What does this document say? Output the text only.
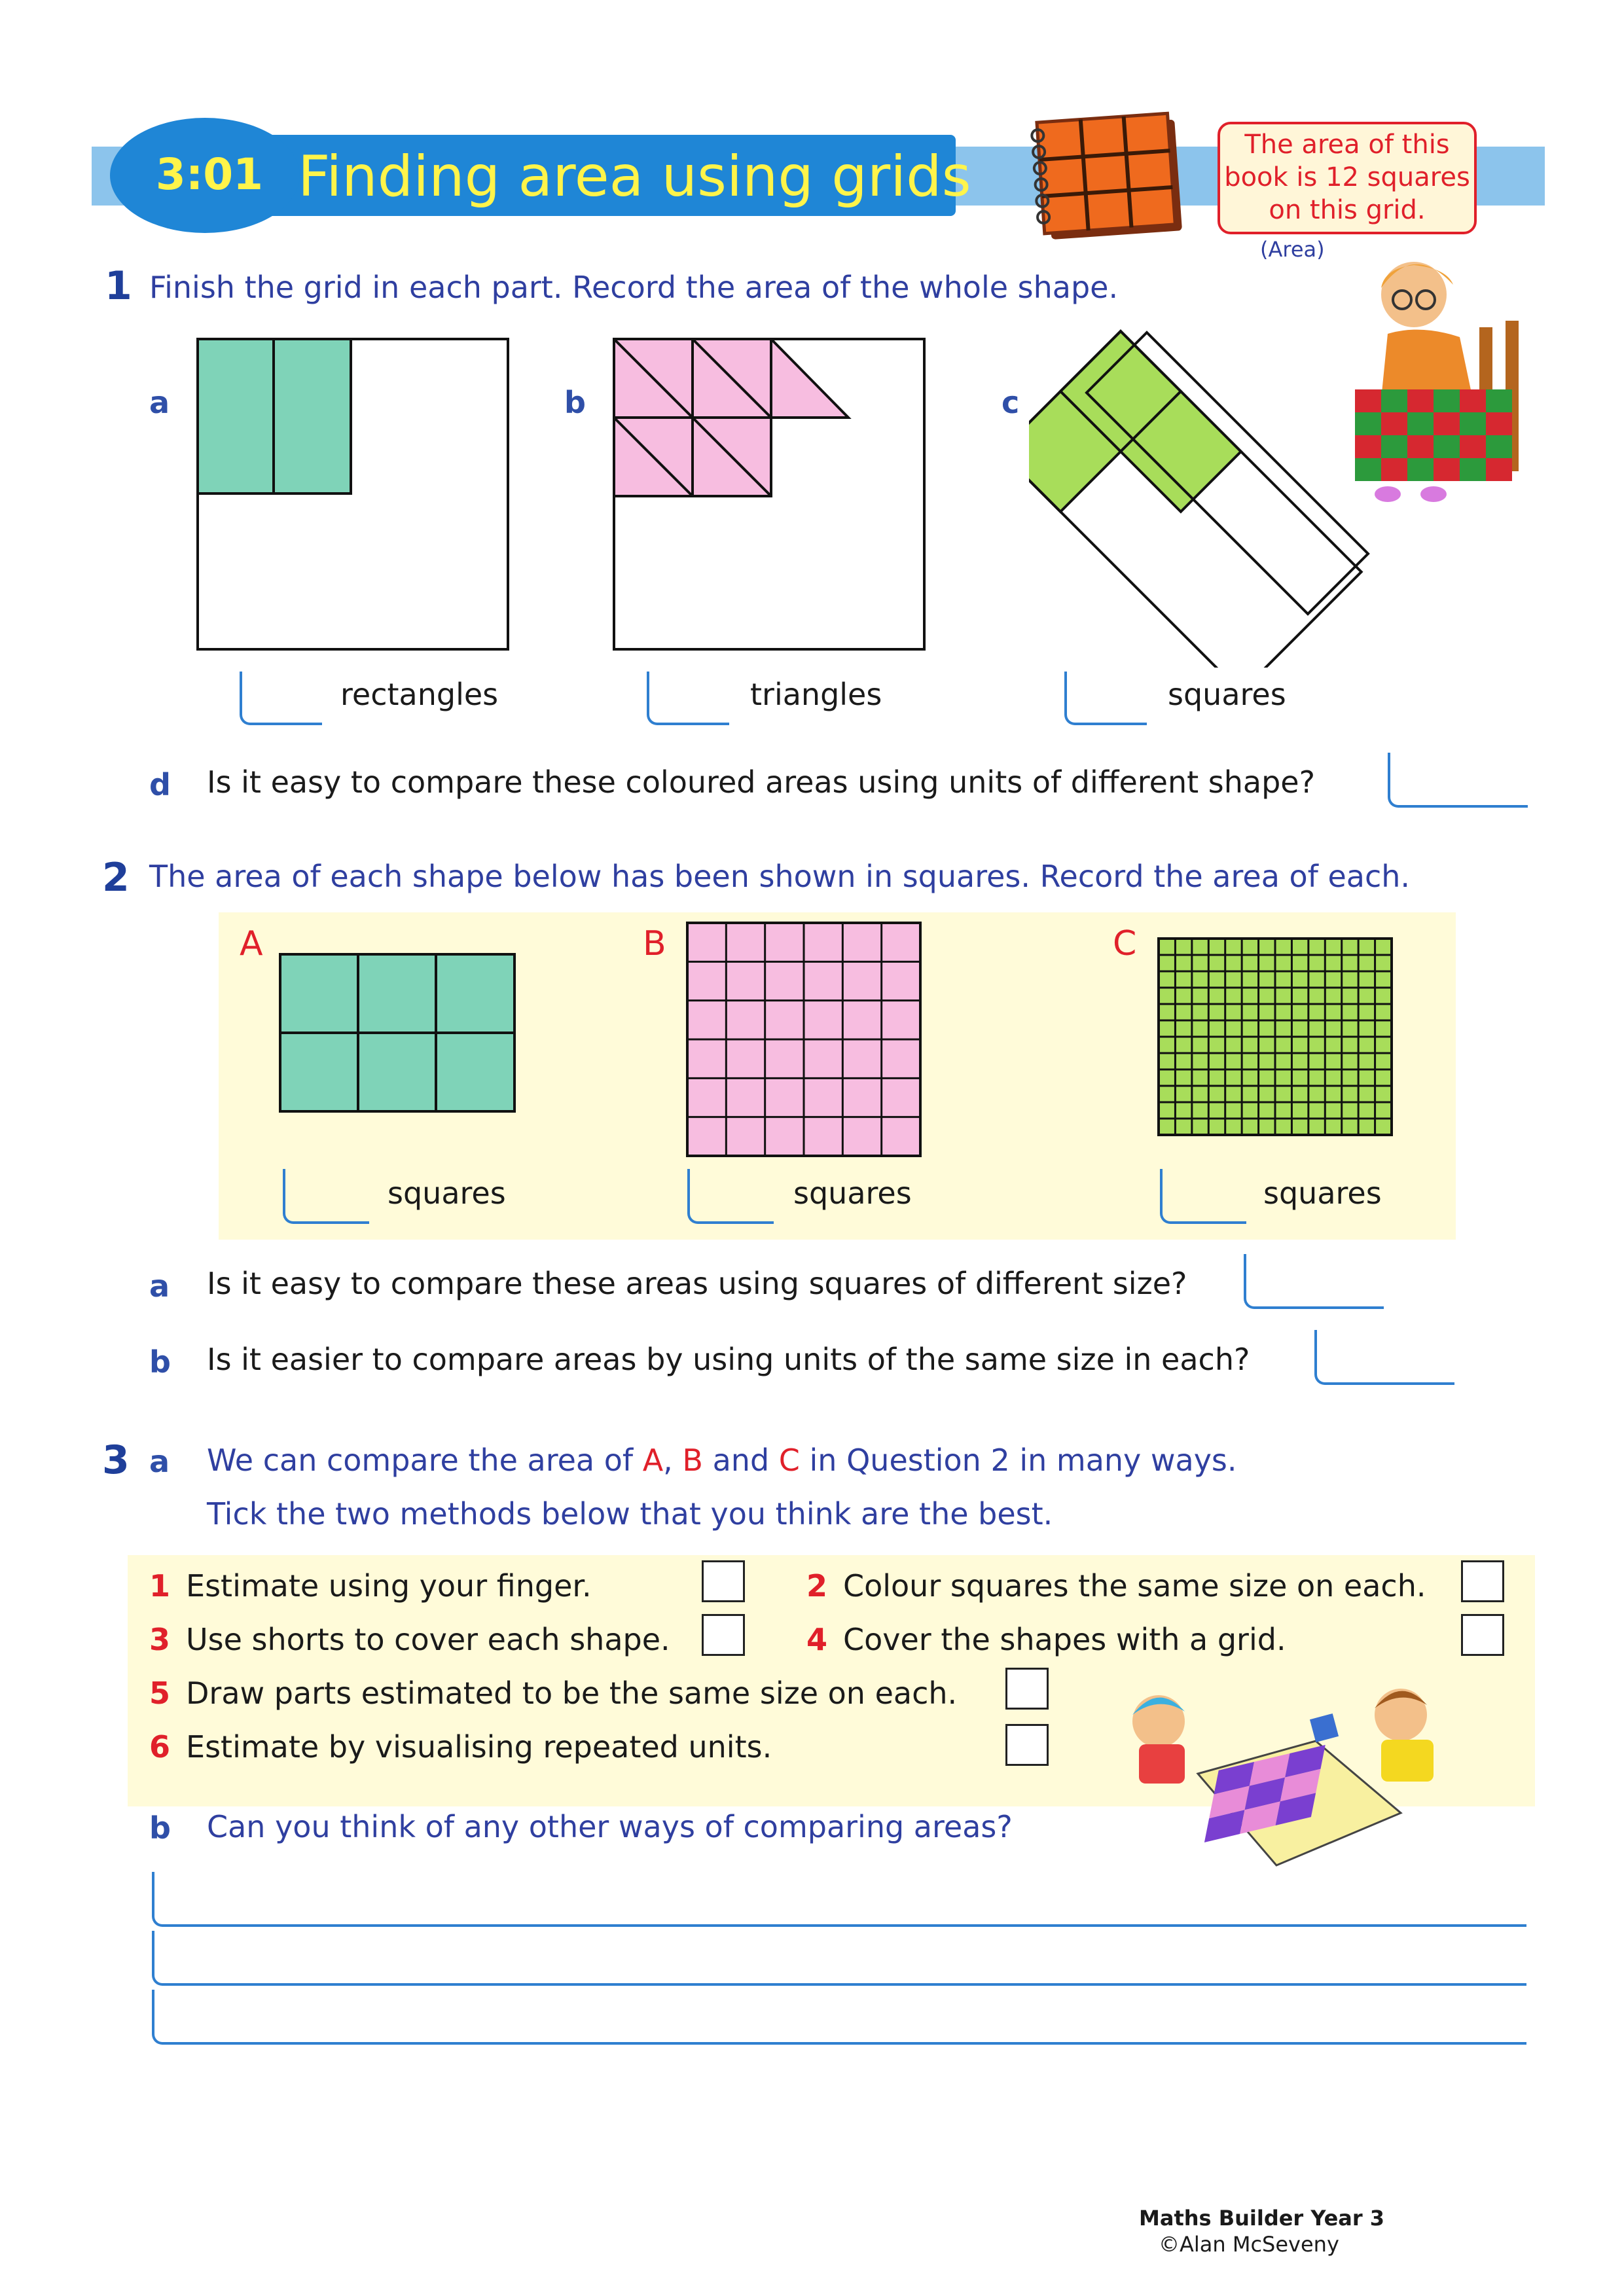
3:01 Finding area using grids	The area of this
book is 12 squares
on this grid.
(Area)
1 Finish the grid in each part. Record the area of the whole shape.
a	b	c
rectangles	triangles	squares
d Is it easy to compare these coloured areas using units of different shape?
2 The area of each shape below has been shown in squares. Record the area of each.
A	B	C
squares	squares	squares
a Is it easy to compare these areas using squares of different size?
b Is it easier to compare areas by using units of the same size in each?
3 a We can compare the area of A, B and C in Question 2 in many ways.
Tick the two methods below that you think are the best.
1 Estimate using your finger.	2 Colour squares the same size on each.
3 Use shorts to cover each shape.	4 Cover the shapes with a grid.
5 Draw parts estimated to be the same size on each.
6 Estimate by visualising repeated units.
b Can you think of any other ways of comparing areas?
Maths Builder Year 3
©Alan McSeveny
